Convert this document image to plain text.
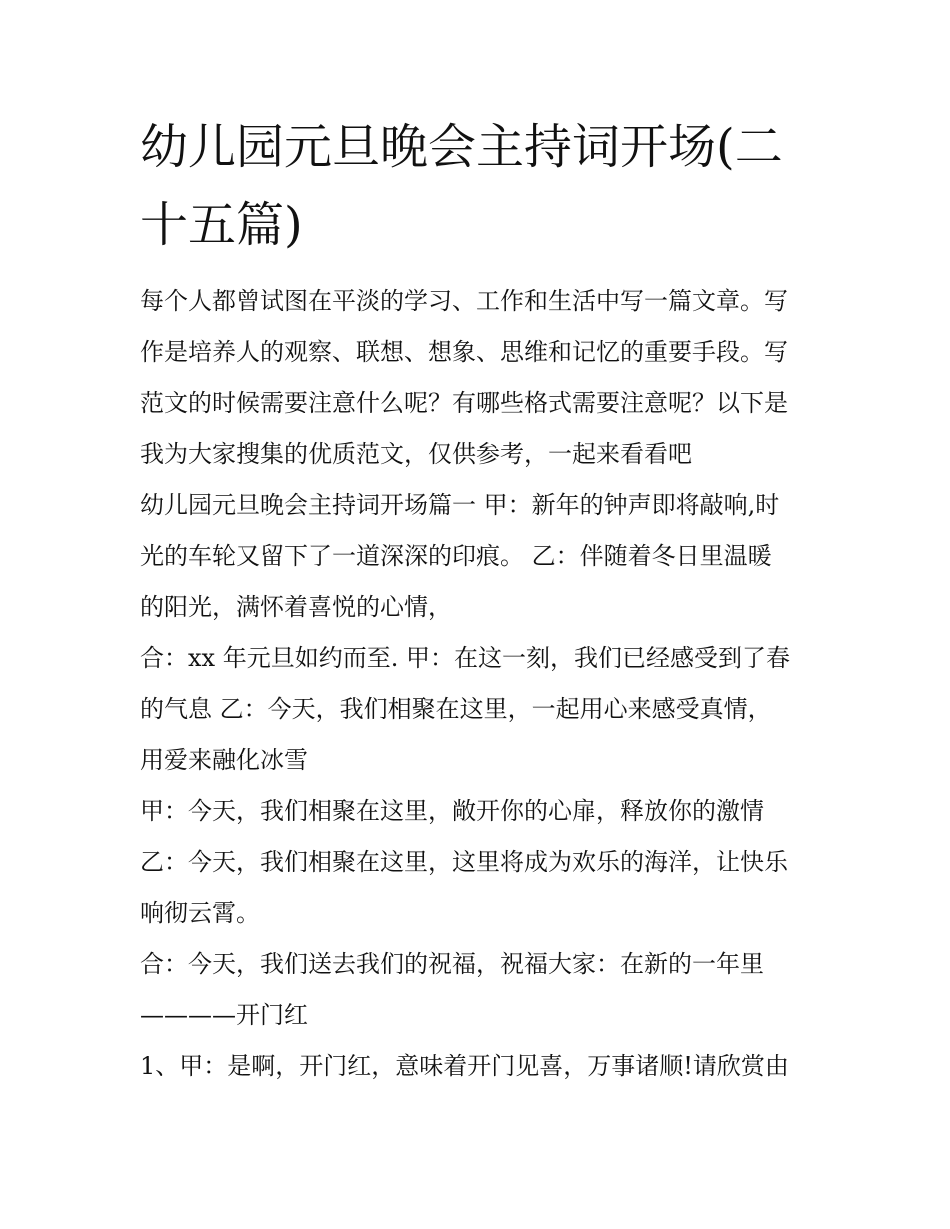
幼儿园元旦晚会主持词开场(二
十五篇)
每个人都曾试图在平淡的学习、工作和生活中写一篇文章。写
作是培养人的观察、联想、想象、思维和记忆的重要手段。写
范文的时候需要注意什么呢？有哪些格式需要注意呢？以下是
我为大家搜集的优质范文，仅供参考，一起来看看吧
幼儿园元旦晚会主持词开场篇一 甲：新年的钟声即将敲响,时
光的车轮又留下了一道深深的印痕。 乙：伴随着冬日里温暖
的阳光，满怀着喜悦的心情，
合：xx 年元旦如约而至. 甲：在这一刻，我们已经感受到了春
的气息 乙：今天，我们相聚在这里，一起用心来感受真情，
用爱来融化冰雪
甲：今天，我们相聚在这里，敞开你的心扉，释放你的激情
乙：今天，我们相聚在这里，这里将成为欢乐的海洋，让快乐
响彻云霄。
合：今天，我们送去我们的祝福，祝福大家：在新的一年里
————开门红
1、甲：是啊，开门红，意味着开门见喜，万事诸顺!请欣赏由
